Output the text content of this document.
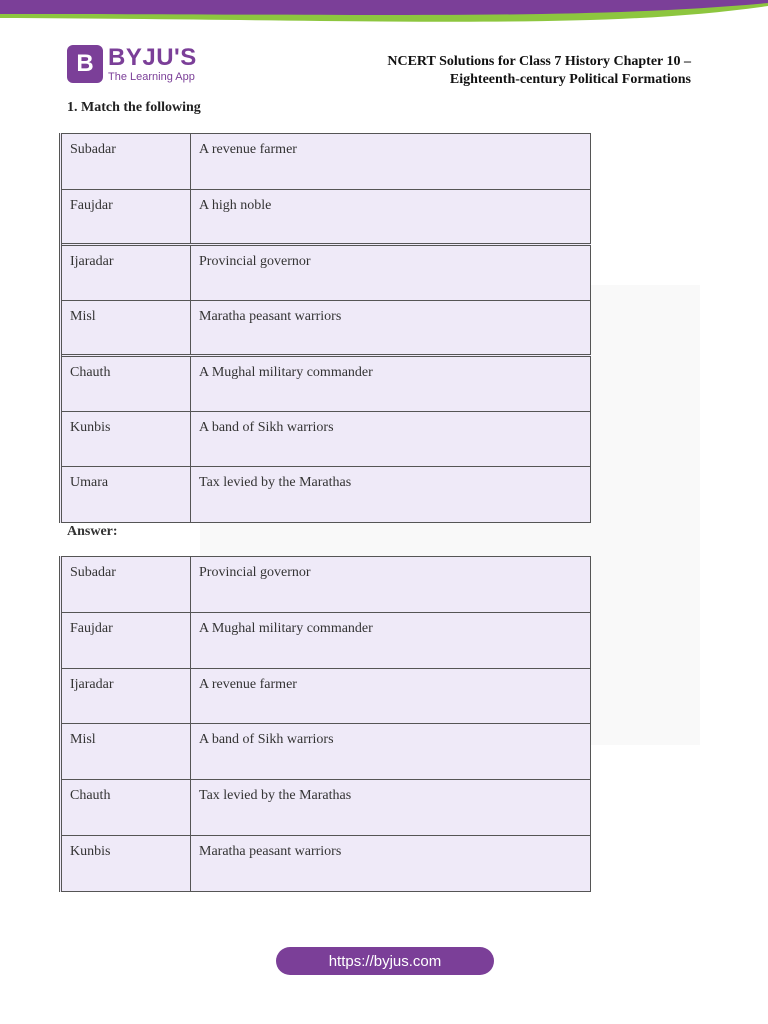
B BYJU'S
The Learning App
NCERT Solutions for Class 7 History Chapter 10 –
Eighteenth-century Political Formations
1. Match the following
Subadar	A revenue farmer
Faujdar	A high noble
Ijaradar	Provincial governor
Misl	Maratha peasant warriors
Chauth	A Mughal military commander
Kunbis	A band of Sikh warriors
Umara	Tax levied by the Marathas
Answer:
Subadar	Provincial governor
Faujdar	A Mughal military commander
Ijaradar	A revenue farmer
Misl	A band of Sikh warriors
Chauth	Tax levied by the Marathas
Kunbis	Maratha peasant warriors
https://byjus.com
